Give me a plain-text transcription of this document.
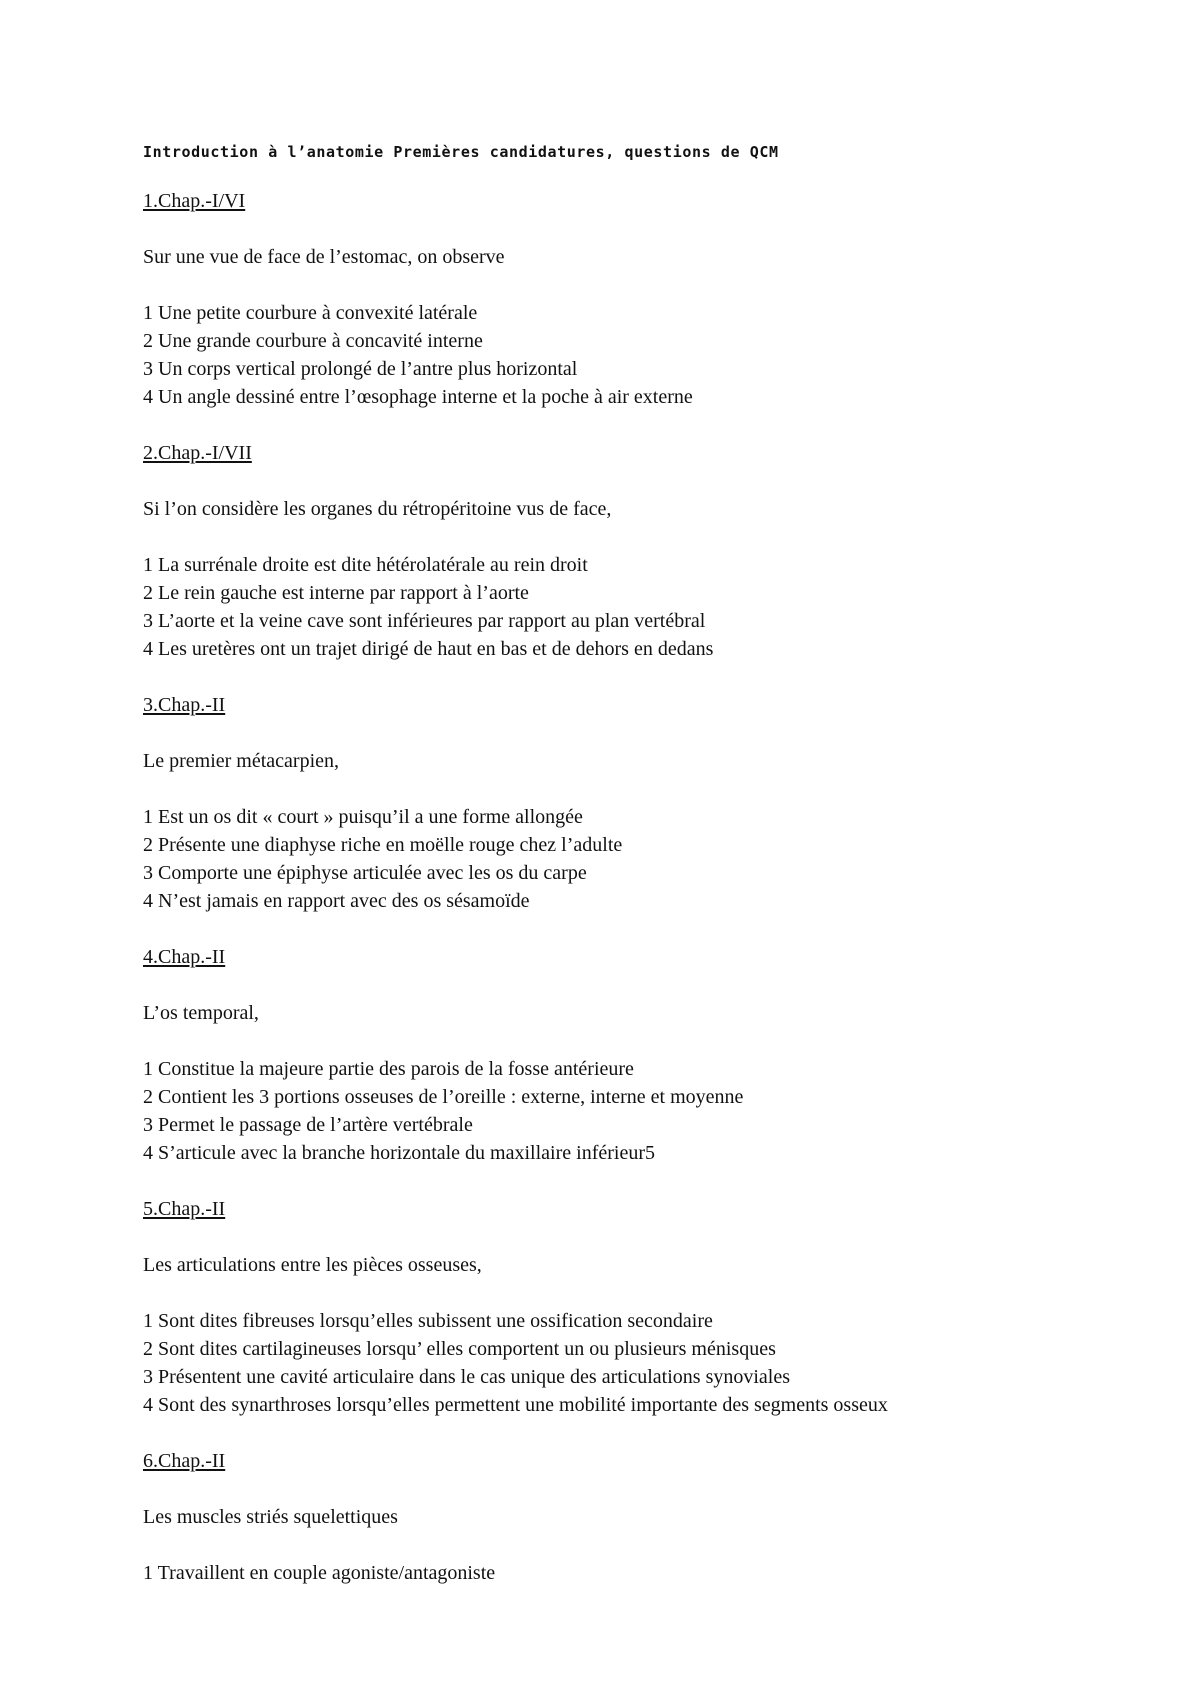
Introduction à l’anatomie Premières candidatures, questions de QCM

1.Chap.-I/VI

Sur une vue de face de l’estomac, on observe

1 Une petite courbure à convexité latérale
2 Une grande courbure à concavité interne
3 Un corps vertical prolongé de l’antre plus horizontal
4 Un angle dessiné entre l’œsophage interne et la poche à air externe

2.Chap.-I/VII

Si l’on considère les organes du rétropéritoine vus de face,

1 La surrénale droite est dite hétérolatérale au rein droit
2 Le rein gauche est interne par rapport à l’aorte
3 L’aorte et la veine cave sont inférieures par rapport au plan vertébral
4 Les uretères ont un trajet dirigé de haut en bas et de dehors en dedans

3.Chap.-II

Le premier métacarpien,

1 Est un os dit « court » puisqu’il a une forme allongée
2 Présente une diaphyse riche en moëlle rouge chez l’adulte
3 Comporte une épiphyse articulée avec les os du carpe
4 N’est jamais en rapport avec des os sésamoïde

4.Chap.-II

L’os temporal,

1 Constitue la majeure partie des parois de la fosse antérieure
2 Contient les 3 portions osseuses de l’oreille : externe, interne et moyenne
3 Permet le passage de l’artère vertébrale
4 S’articule avec la branche horizontale du maxillaire inférieur5

5.Chap.-II

Les articulations entre les pièces osseuses,

1 Sont dites fibreuses lorsqu’elles subissent une ossification secondaire
2 Sont dites cartilagineuses lorsqu’ elles comportent un ou plusieurs ménisques
3 Présentent une cavité articulaire dans le cas unique des articulations synoviales
4 Sont des synarthroses lorsqu’elles permettent une mobilité importante des segments osseux

6.Chap.-II

Les muscles striés squelettiques

1 Travaillent en couple agoniste/antagoniste
